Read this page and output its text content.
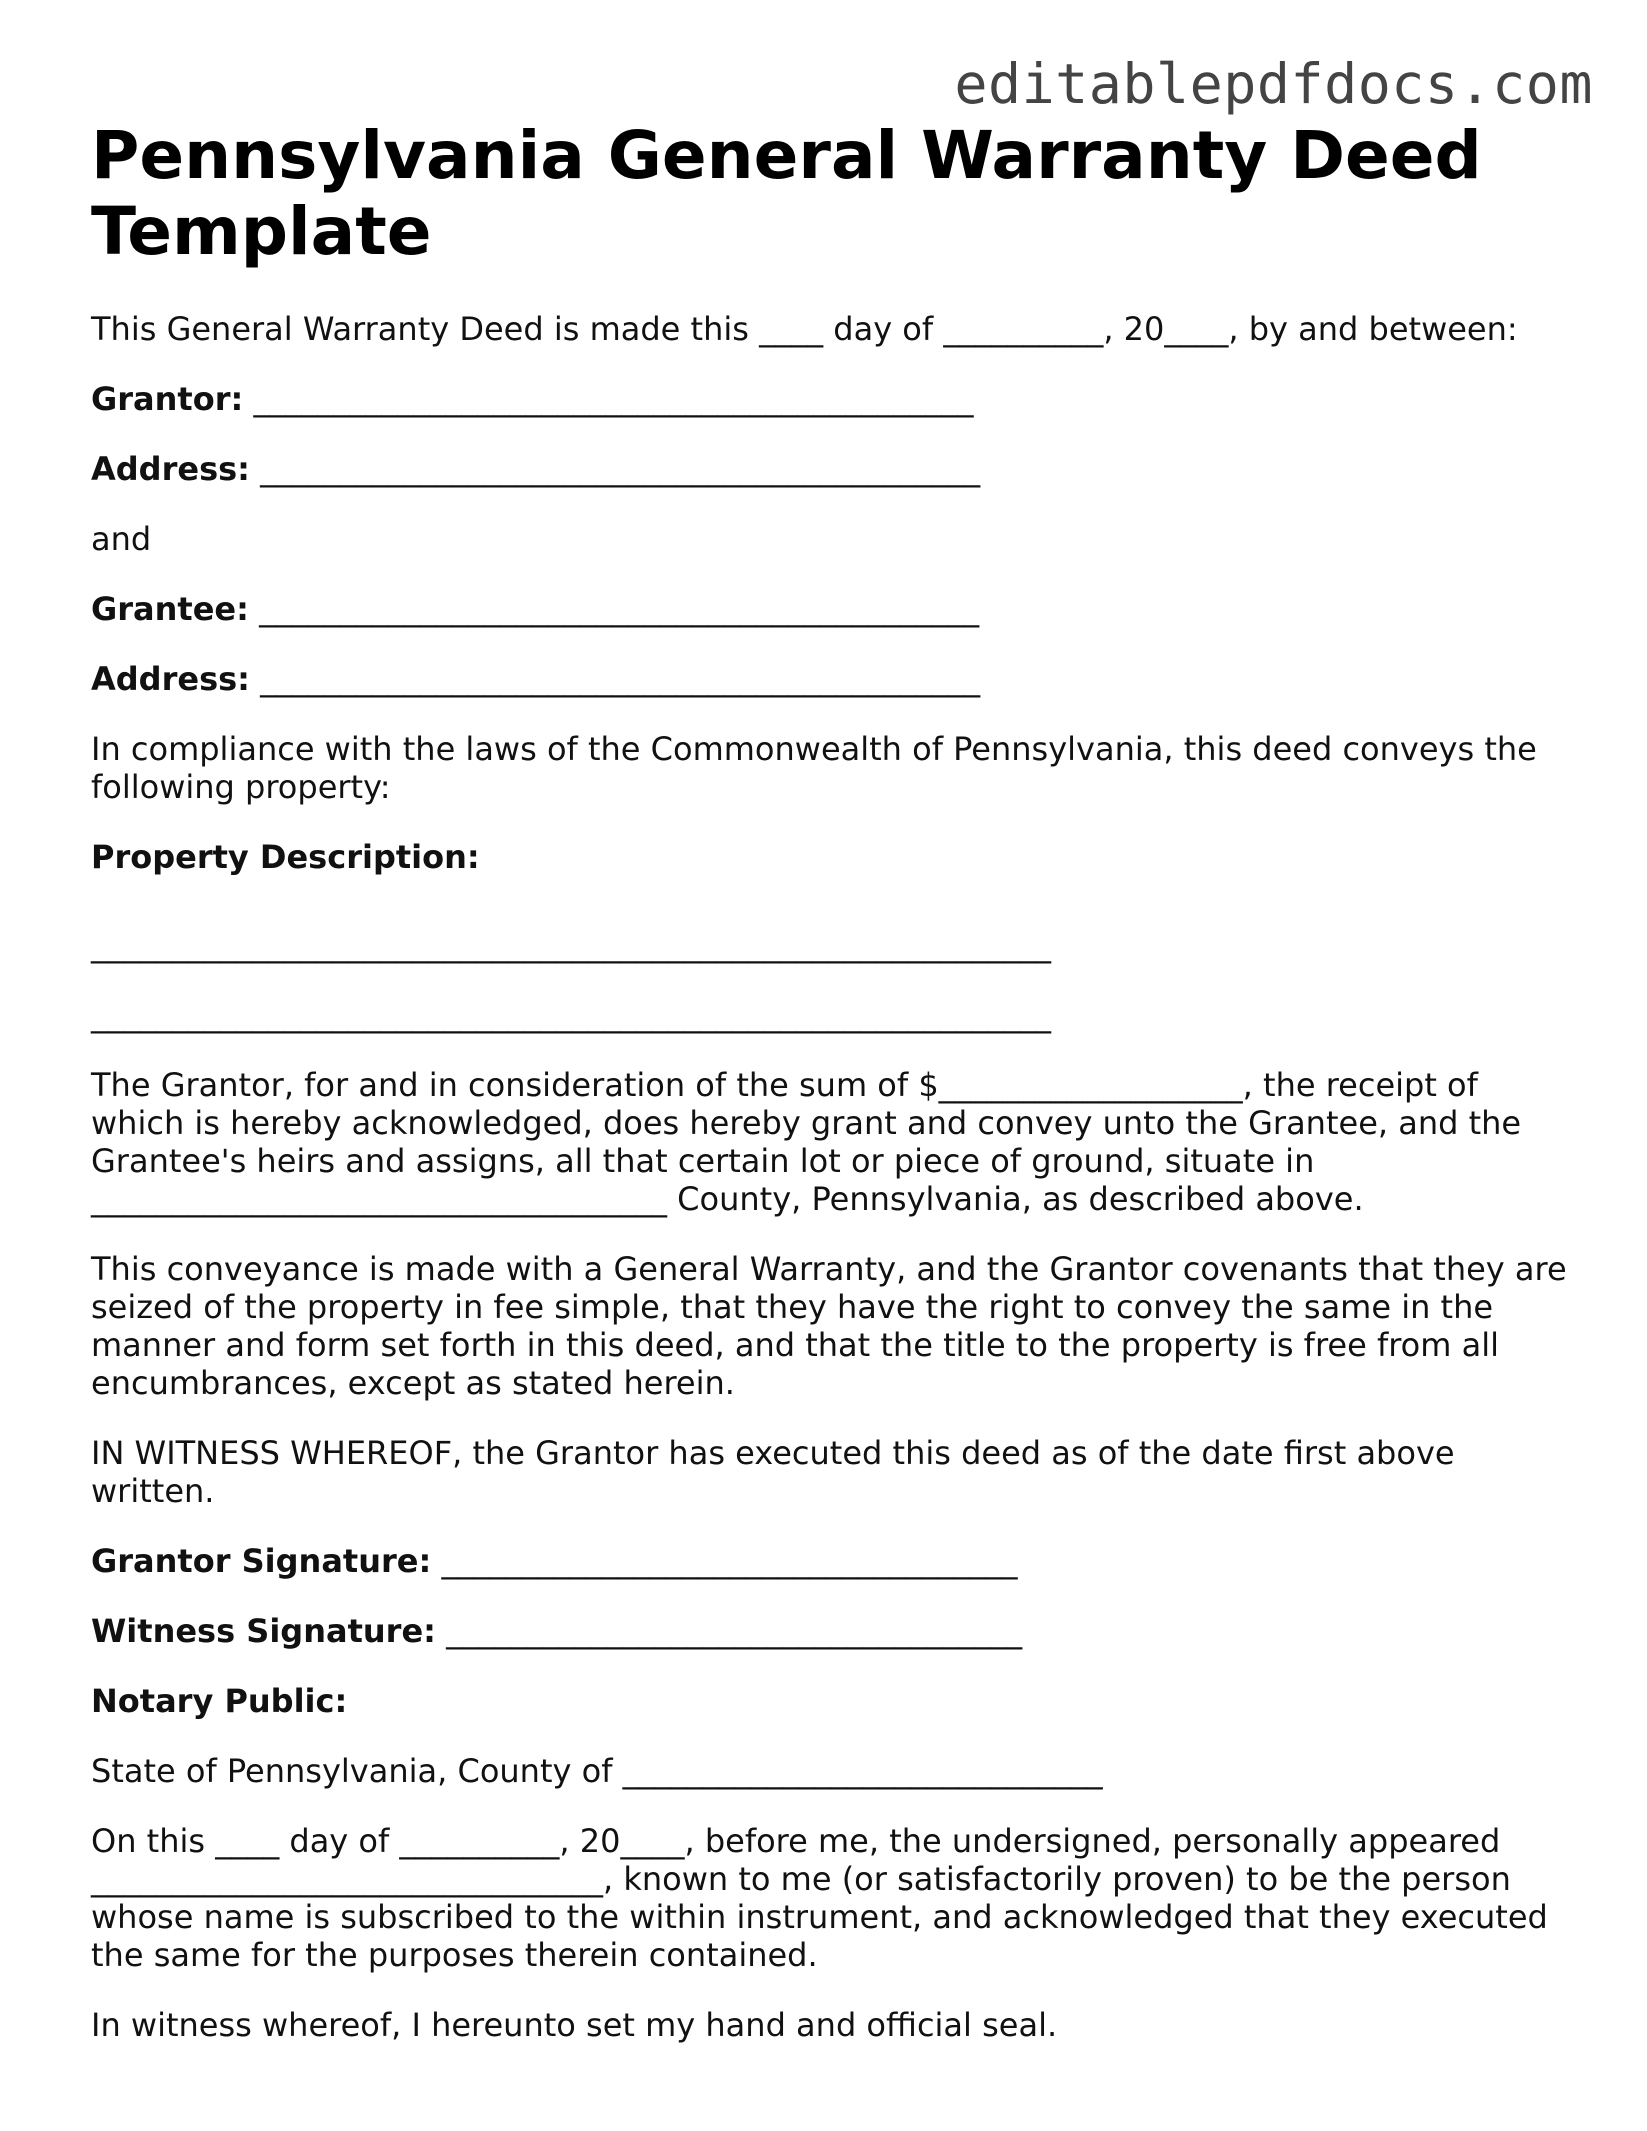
editablepdfdocs.com
Pennsylvania General Warranty Deed Template

This General Warranty Deed is made this ____ day of __________, 20____, by and between:

Grantor: _____________________________________________

Address: _____________________________________________

and

Grantee: _____________________________________________

Address: _____________________________________________

In compliance with the laws of the Commonwealth of Pennsylvania, this deed conveys the following property:

Property Description:

____________________________________________________________

____________________________________________________________

The Grantor, for and in consideration of the sum of $___________________, the receipt of which is hereby acknowledged, does hereby grant and convey unto the Grantee, and the Grantee's heirs and assigns, all that certain lot or piece of ground, situate in ____________________________________ County, Pennsylvania, as described above.

This conveyance is made with a General Warranty, and the Grantor covenants that they are seized of the property in fee simple, that they have the right to convey the same in the manner and form set forth in this deed, and that the title to the property is free from all encumbrances, except as stated herein.

IN WITNESS WHEREOF, the Grantor has executed this deed as of the date first above written.

Grantor Signature: ____________________________________

Witness Signature: ____________________________________

Notary Public:

State of Pennsylvania, County of ______________________________

On this ____ day of __________, 20____, before me, the undersigned, personally appeared ________________________________, known to me (or satisfactorily proven) to be the person whose name is subscribed to the within instrument, and acknowledged that they executed the same for the purposes therein contained.

In witness whereof, I hereunto set my hand and official seal.
